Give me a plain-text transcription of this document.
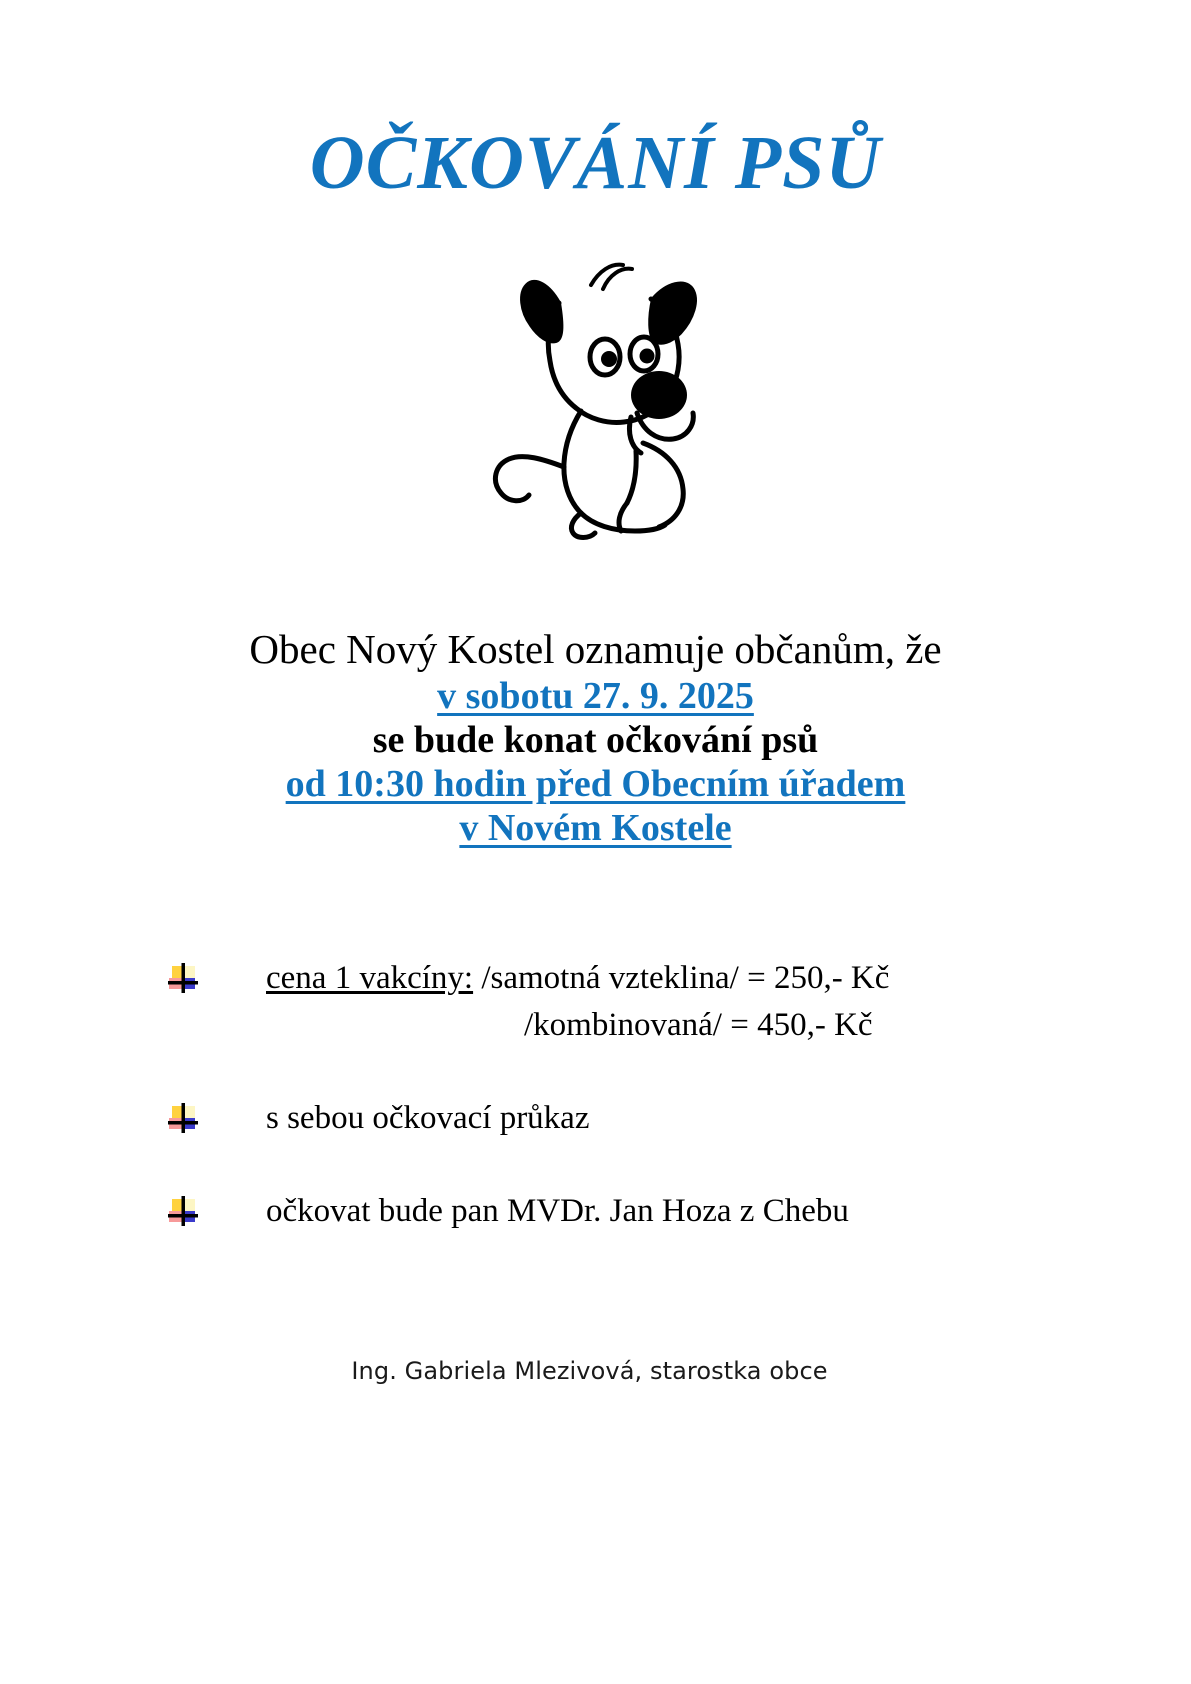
OČKOVÁNÍ PSŮ
Obec Nový Kostel oznamuje občanům, že
v sobotu 27. 9. 2025
se bude konat očkování psů
od 10:30 hodin před Obecním úřadem
v Novém Kostele
cena 1 vakcíny: /samotná vzteklina/ = 250,- Kč
/kombinovaná/ = 450,- Kč
s sebou očkovací průkaz
očkovat bude pan MVDr. Jan Hoza z Chebu
Ing. Gabriela Mlezivová, starostka obce
